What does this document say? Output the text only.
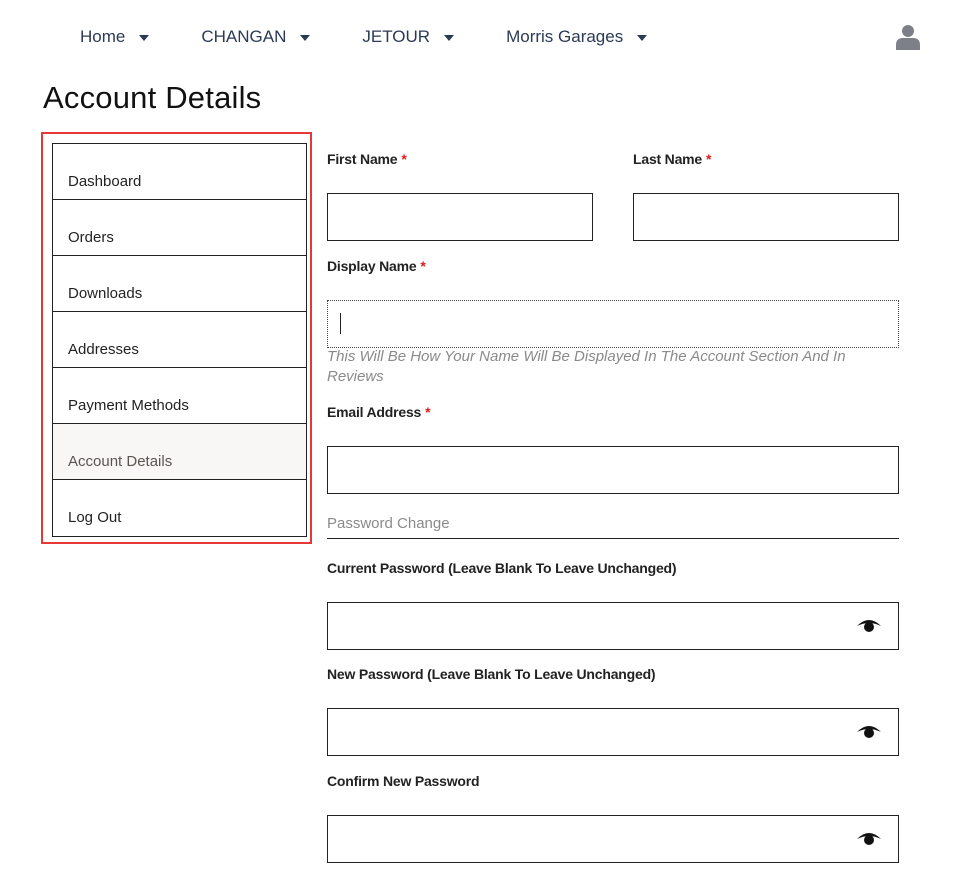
Home	CHANGAN	JETOUR	Morris Garages
Account Details
Dashboard
Orders
Downloads
Addresses
Payment Methods
Account Details
Log Out
First Name *	Last Name *
Display Name *
This Will Be How Your Name Will Be Displayed In The Account Section And In Reviews
Email Address *
Password Change
Current Password (Leave Blank To Leave Unchanged)
New Password (Leave Blank To Leave Unchanged)
Confirm New Password
